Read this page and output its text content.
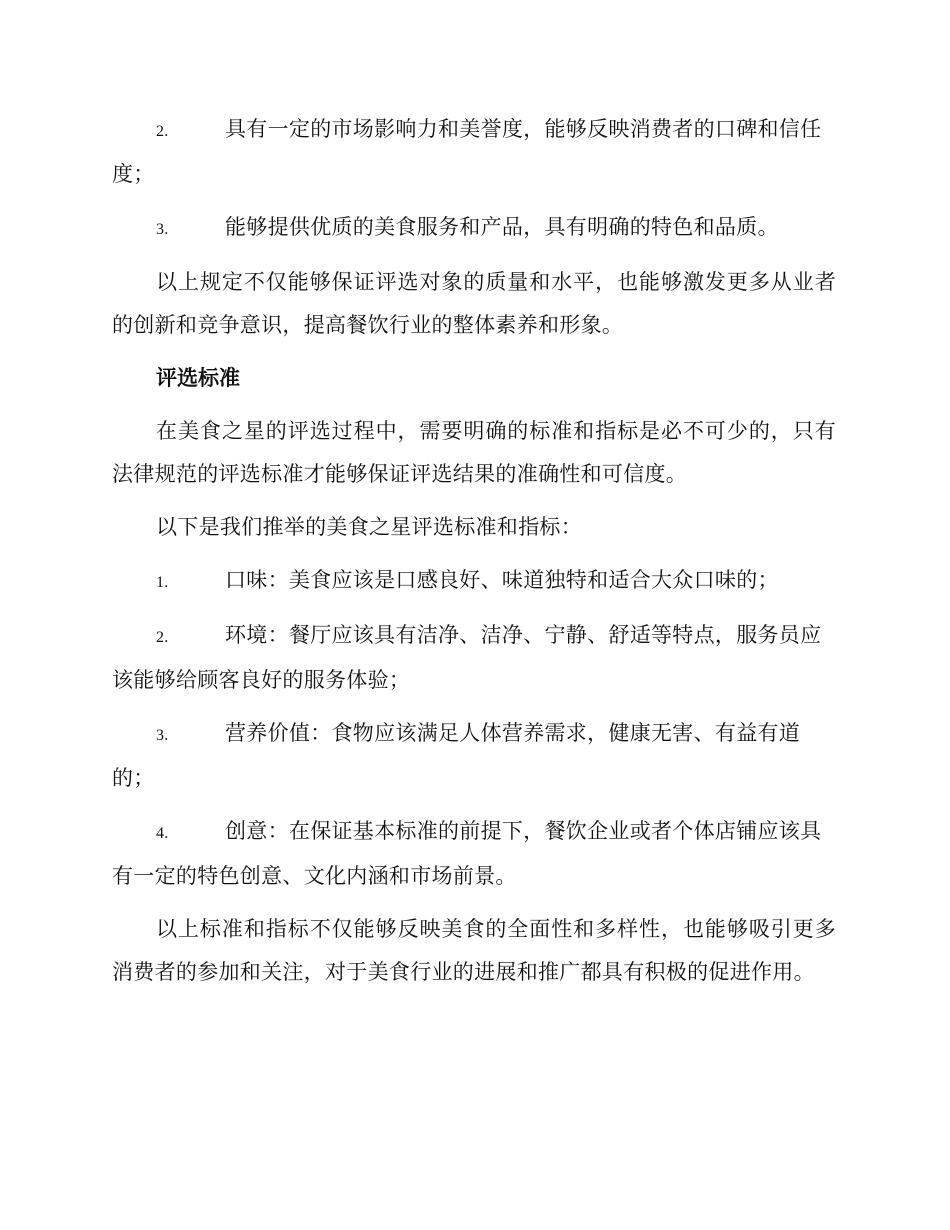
2.	具有一定的市场影响力和美誉度，能够反映消费者的口碑和信任度；

3.	能够提供优质的美食服务和产品，具有明确的特色和品质。

以上规定不仅能够保证评选对象的质量和水平，也能够激发更多从业者的创新和竞争意识，提高餐饮行业的整体素养和形象。

评选标准

在美食之星的评选过程中，需要明确的标准和指标是必不可少的，只有法律规范的评选标准才能够保证评选结果的准确性和可信度。

以下是我们推举的美食之星评选标准和指标：

1.	口味：美食应该是口感良好、味道独特和适合大众口味的；

2.	环境：餐厅应该具有洁净、洁净、宁静、舒适等特点，服务员应该能够给顾客良好的服务体验；

3.	营养价值：食物应该满足人体营养需求，健康无害、有益有道的；

4.	创意：在保证基本标准的前提下，餐饮企业或者个体店铺应该具有一定的特色创意、文化内涵和市场前景。

以上标准和指标不仅能够反映美食的全面性和多样性，也能够吸引更多消费者的参加和关注，对于美食行业的进展和推广都具有积极的促进作用。
